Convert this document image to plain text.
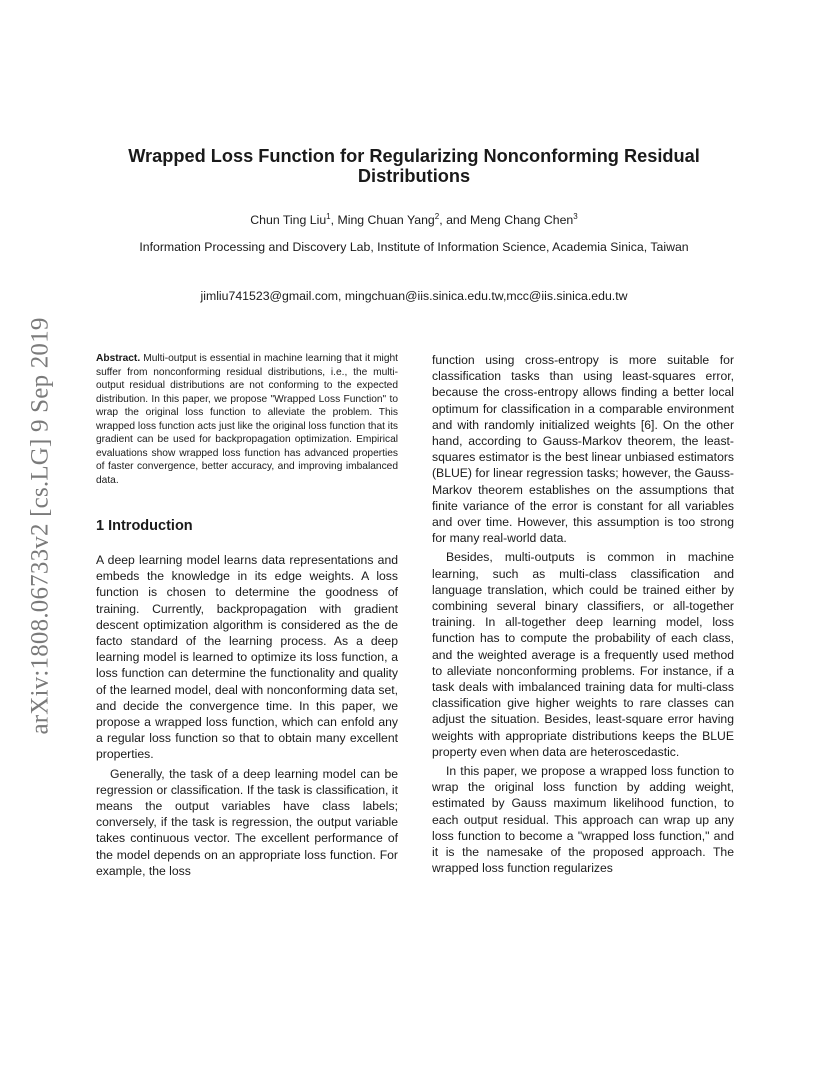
arXiv:1808.06733v2 [cs.LG] 9 Sep 2019
Wrapped Loss Function for Regularizing Nonconforming Residual
Distributions
Chun Ting Liu$^1$, Ming Chuan Yang$^2$, and Meng Chang Chen$^3$
Information Processing and Discovery Lab, Institute of Information Science, Academia Sinica, Taiwan
jimliu741523@gmail.com, mingchuan@iis.sinica.edu.tw,mcc@iis.sinica.edu.tw

Abstract. Multi-output is essential in machine learning that it might suffer from nonconforming residual distributions, i.e., the multi-output residual distributions are not conforming to the expected distribution. In this paper, we propose "Wrapped Loss Function" to wrap the original loss function to alleviate the problem. This wrapped loss function acts just like the original loss function that its gradient can be used for backpropagation optimization. Empirical evaluations show wrapped loss function has advanced properties of faster convergence, better accuracy, and improving imbalanced data.

1 Introduction

A deep learning model learns data representations and embeds the knowledge in its edge weights. A loss function is chosen to determine the goodness of training. Currently, backpropagation with gradient descent optimization algorithm is considered as the de facto standard of the learning process. As a deep learning model is learned to optimize its loss function, a loss function can determine the functionality and quality of the learned model, deal with nonconforming data set, and decide the convergence time. In this paper, we propose a wrapped loss function, which can enfold any a regular loss function so that to obtain many excellent properties.

Generally, the task of a deep learning model can be regression or classification. If the task is classification, it means the output variables have class labels; conversely, if the task is regression, the output variable takes continuous vector. The excellent performance of the model depends on an appropriate loss function. For example, the loss

function using cross-entropy is more suitable for classification tasks than using least-squares error, because the cross-entropy allows finding a better local optimum for classification in a comparable environment and with randomly initialized weights [6]. On the other hand, according to Gauss-Markov theorem, the least-squares estimator is the best linear unbiased estimators (BLUE) for linear regression tasks; however, the Gauss-Markov theorem establishes on the assumptions that finite variance of the error is constant for all variables and over time. However, this assumption is too strong for many real-world data.

Besides, multi-outputs is common in machine learning, such as multi-class classification and language translation, which could be trained either by combining several binary classifiers, or all-together training. In all-together deep learning model, loss function has to compute the probability of each class, and the weighted average is a frequently used method to alleviate nonconforming problems. For instance, if a task deals with imbalanced training data for multi-class classification give higher weights to rare classes can adjust the situation. Besides, least-square error having weights with appropriate distributions keeps the BLUE property even when data are heteroscedastic.

In this paper, we propose a wrapped loss function to wrap the original loss function by adding weight, estimated by Gauss maximum likelihood function, to each output residual. This approach can wrap up any loss function to become a "wrapped loss function," and it is the namesake of the proposed approach. The wrapped loss function regularizes
